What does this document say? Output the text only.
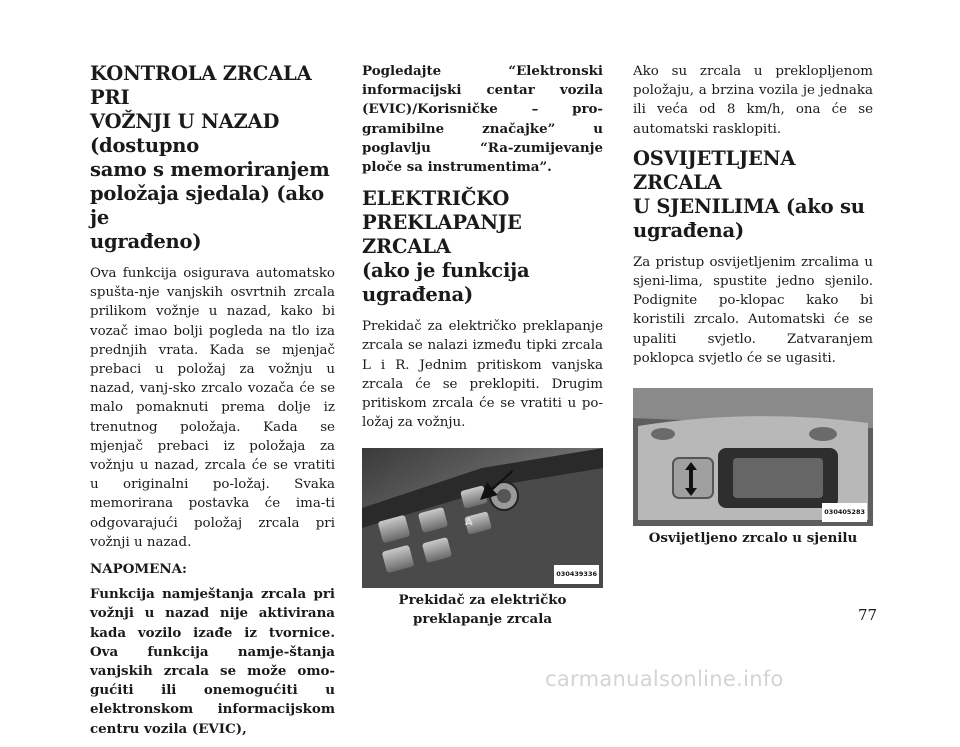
KONTROLA ZRCALA PRI
VOŽNJI U NAZAD (dostupno
samo s memoriranjem
položaja sjedala) (ako je
ugrađeno)

Ova funkcija osigurava automatsko spušta-nje vanjskih osvrtnih zrcala prilikom vožnje u nazad, kako bi vozač imao bolji pogleda na tlo iza prednjih vrata. Kada se mjenjač prebaci u položaj za vožnju u nazad, vanj-sko zrcalo vozača će se malo pomaknuti prema dolje iz trenutnog položaja. Kada se mjenjač prebaci iz položaja za vožnju u nazad, zrcala će se vratiti u originalni po-ložaj. Svaka memorirana postavka će ima-ti odgovarajući položaj zrcala pri vožnji u nazad.

NAPOMENA:

Funkcija namještanja zrcala pri vožnji u nazad nije aktivirana kada vozilo izađe iz tvornice. Ova funkcija namje-štanja vanjskih zrcala se može omo-gućiti ili onemogućiti u elektronskom informacijskom centru vozila (EVIC),

Pogledajte “Elektronski informacijski centar vozila (EVIC)/Korisničke – pro-gramibilne značajke” u poglavlju “Ra-zumijevanje ploče sa instrumentima”.

ELEKTRIČKO
PREKLAPANJE ZRCALA
(ako je funkcija ugrađena)

Prekidač za električko preklapanje zrcala se nalazi između tipki zrcala L i R. Jednim pritiskom vanjska zrcala će se preklopiti. Drugim pritiskom zrcala će se vratiti u po-ložaj za vožnju.

A
030439336
Prekidač za električko
preklapanje zrcala

Ako su zrcala u preklopljenom položaju, a brzina vozila je jednaka ili veća od 8 km/h, ona će se automatski rasklopiti.

OSVIJETLJENA ZRCALA
U SJENILIMA (ako su
ugrađena)

Za pristup osvijetljenim zrcalima u sjeni-lima, spustite jedno sjenilo. Podignite po-klopac kako bi koristili zrcalo. Automatski će se upaliti svjetlo. Zatvaranjem poklopca svjetlo će se ugasiti.

030405283
Osvijetljeno zrcalo u sjenilu
77
carmanualsonline.info
